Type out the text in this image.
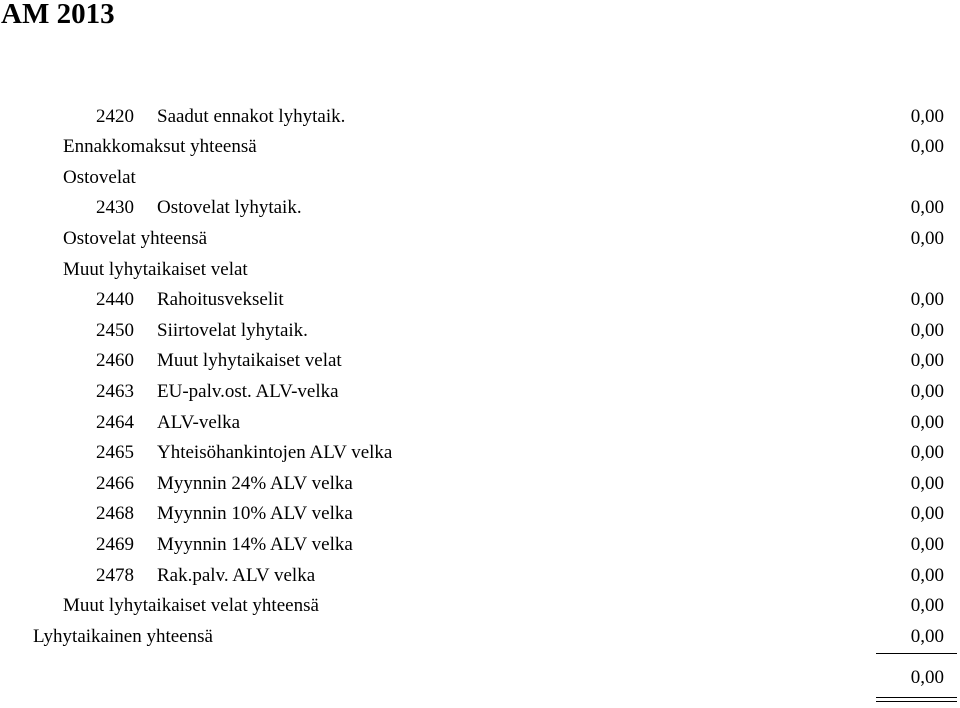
AM 2013
2420 Saadut ennakot lyhytaik.	0,00
Ennakkomaksut yhteensä	0,00
Ostovelat
2430 Ostovelat lyhytaik.	0,00
Ostovelat yhteensä	0,00
Muut lyhytaikaiset velat
2440 Rahoitusvekselit	0,00
2450 Siirtovelat lyhytaik.	0,00
2460 Muut lyhytaikaiset velat	0,00
2463 EU-palv.ost. ALV-velka	0,00
2464 ALV-velka	0,00
2465 Yhteisöhankintojen ALV velka	0,00
2466 Myynnin 24% ALV velka	0,00
2468 Myynnin 10% ALV velka	0,00
2469 Myynnin 14% ALV velka	0,00
2478 Rak.palv. ALV velka	0,00
Muut lyhytaikaiset velat yhteensä	0,00
Lyhytaikainen yhteensä	0,00
0,00
